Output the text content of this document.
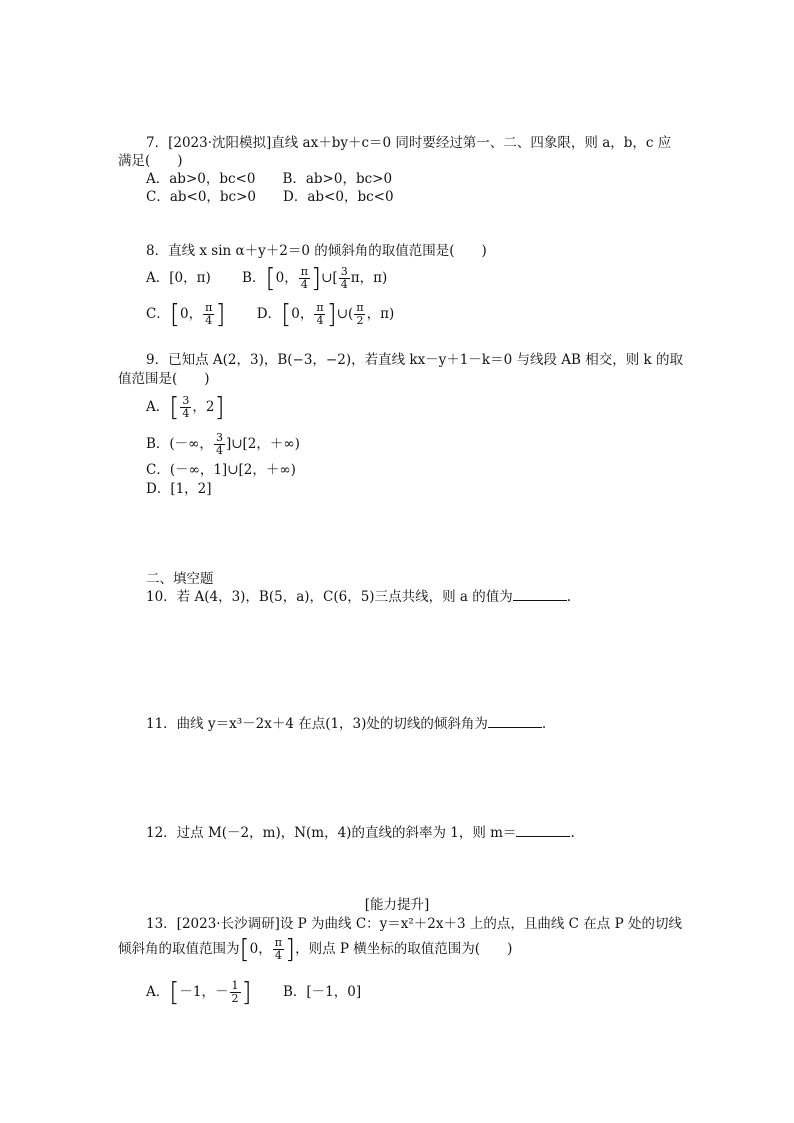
7．[2023·沈阳模拟]直线 ax＋by＋c＝0 同时要经过第一、二、四象限，则 a，b，c 应
满足(　　)
A．ab>0，bc<0　　B．ab>0，bc>0
C．ab<0，bc>0　　D．ab<0，bc<0
8．直线 x sin α＋y＋2＝0 的倾斜角的取值范围是(　　)
A．[0，π)　　 B．[0， $\frac{\pi}{4}$ ]∪[ $\frac{3}{4}$ π，π)
C．[0， $\frac{\pi}{4}$ ]　　 D．[0， $\frac{\pi}{4}$ ]∪( $\frac{\pi}{2}$ ，π)
9．已知点 A(2，3)，B(−3，−2)，若直线 kx－y＋1－k＝0 与线段 AB 相交，则 k 的取
值范围是(　　)
A．[ $\frac{3}{4}$ ，2]
B．(－∞， $\frac{3}{4}$ ]∪[2，＋∞)
C．(－∞，1]∪[2，＋∞)
D．[1，2]
二、填空题
10．若 A(4，3)，B(5，a)，C(6，5)三点共线，则 a 的值为	.
11．曲线 y＝x³－2x＋4 在点(1，3)处的切线的倾斜角为	.
12．过点 M(－2，m)，N(m，4)的直线的斜率为 1，则 m＝	.
[能力提升]
13．[2023·长沙调研]设 P 为曲线 C：y＝x²＋2x＋3 上的点，且曲线 C 在点 P 处的切线
倾斜角的取值范围为[0， $\frac{\pi}{4}$ ]，则点 P 横坐标的取值范围为(　　)
A．[－1，－ $\frac{1}{2}$ ]　　 B．[－1，0]
